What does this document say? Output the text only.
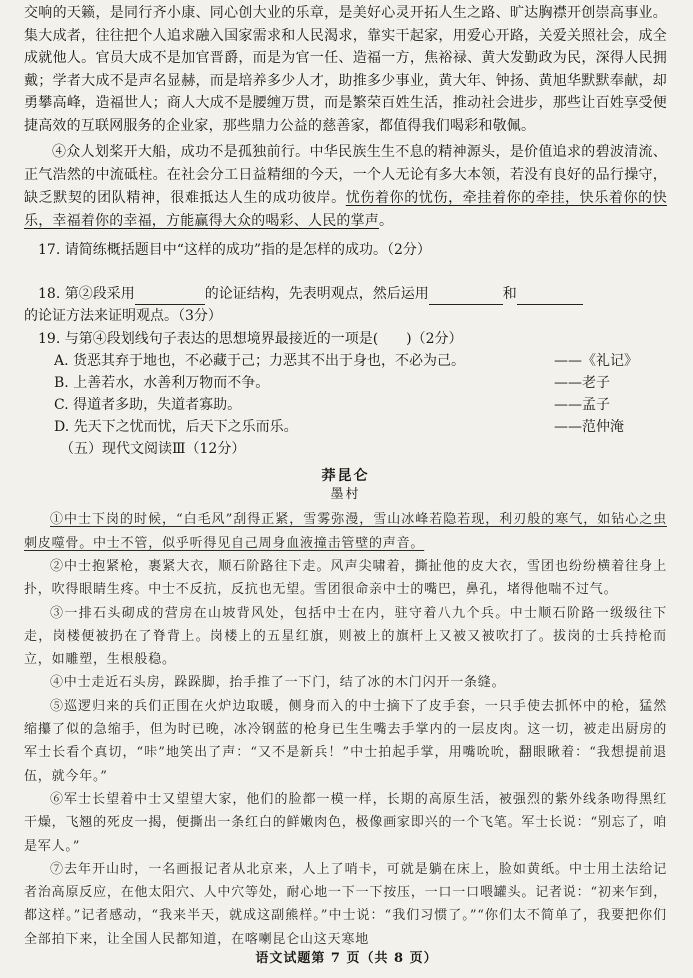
交响的天籁，是同行齐小康、同心创大业的乐章，是美好心灵开拓人生之路、旷达胸襟开创崇高事业。集大成者，往往把个人追求融入国家需求和人民渴求，靠实干起家，用爱心开路，关爱关照社会，成全成就他人。官员大成不是加官晋爵，而是为官一任、造福一方，焦裕禄、黄大发勤政为民，深得人民拥戴；学者大成不是声名显赫，而是培养多少人才，助推多少事业，黄大年、钟扬、黄旭华默默奉献，却勇攀高峰，造福世人；商人大成不是腰缠万贯，而是繁荣百姓生活，推动社会进步，那些让百姓享受便捷高效的互联网服务的企业家，那些鼎力公益的慈善家，都值得我们喝彩和敬佩。

④众人划桨开大船，成功不是孤独前行。中华民族生生不息的精神源头，是价值追求的碧波清流、正气浩然的中流砥柱。在社会分工日益精细的今天，一个人无论有多大本领，若没有良好的品行操守，缺乏默契的团队精神，很难抵达人生的成功彼岸。忧伤着你的忧伤，牵挂着你的牵挂，快乐着你的快乐，幸福着你的幸福，方能赢得大众的喝彩、人民的掌声。

17. 请简练概括题目中“这样的成功”指的是怎样的成功。（2分）

18. 第②段采用	的论证结构，先表明观点，然后运用	和
的论证方法来证明观点。（3分）

19. 与第④段划线句子表达的思想境界最接近的一项是(　　)（2分）

A. 货恶其弃于地也，不必藏于己；力恶其不出于身也，不必为己。	——《礼记》

B. 上善若水，水善利万物而不争。	——老子

C. 得道者多助，失道者寡助。	——孟子

D. 先天下之忧而忧，后天下之乐而乐。	——范仲淹

（五）现代文阅读Ⅲ（12分）

莽昆仑

墨村

①中士下岗的时候，“白毛风”刮得正紧，雪雾弥漫，雪山冰峰若隐若现，利刃般的寒气，如钻心之虫刺皮噬骨。中士不管，似乎听得见自己周身血液撞击管壁的声音。

②中士抱紧枪，裹紧大衣，顺石阶路往下走。风声尖啸着，撕扯他的皮大衣，雪团也纷纷横着往身上扑，吹得眼睛生疼。中士不反抗，反抗也无望。雪团很命亲中士的嘴巴，鼻孔，堵得他喘不过气。

③一排石头砌成的营房在山坡背风处，包括中士在内，驻守着八九个兵。中士顺石阶路一级级往下走，岗楼便被扔在了脊背上。岗楼上的五星红旗，则被上的旗杆上又被又被吹打了。拔岗的士兵持枪而立，如雕塑，生根般稳。

④中士走近石头房，跺跺脚，抬手推了一下门，结了冰的木门闪开一条缝。

⑤巡逻归来的兵们正围在火炉边取暖，侧身而入的中士摘下了皮手套，一只手使去抓怀中的枪，猛然缩攥了似的急缩手，但为时已晚，冰冷钢蓝的枪身已生生嘴去手掌内的一层皮肉。这一切，被走出厨房的军士长看个真切，“咔”地笑出了声：“又不是新兵！”中士拍起手掌，用嘴吮吮，翻眼瞅着：“我想提前退伍，就今年。”

⑥军士长望着中士又望望大家，他们的脸都一模一样，长期的高原生活，被强烈的紫外线条吻得黑红干燥，飞翘的死皮一揭，便撕出一条红白的鲜嫩肉色，极像画家即兴的一个飞笔。军士长说：“别忘了，咱是军人。”

⑦去年开山时，一名画报记者从北京来，人上了哨卡，可就是躺在床上，脸如黄纸。中士用土法给记者治高原反应，在他太阳穴、人中穴等处，耐心地一下一下按压，一口一口喂罐头。记者说：“初来乍到，都这样。”记者感动，“我来半天，就成这副熊样。”中士说：“我们习惯了。”“你们太不简单了，我要把你们全部拍下来，让全国人民都知道，在喀喇昆仑山这天寒地

语文试题第 7 页（共 8 页）
